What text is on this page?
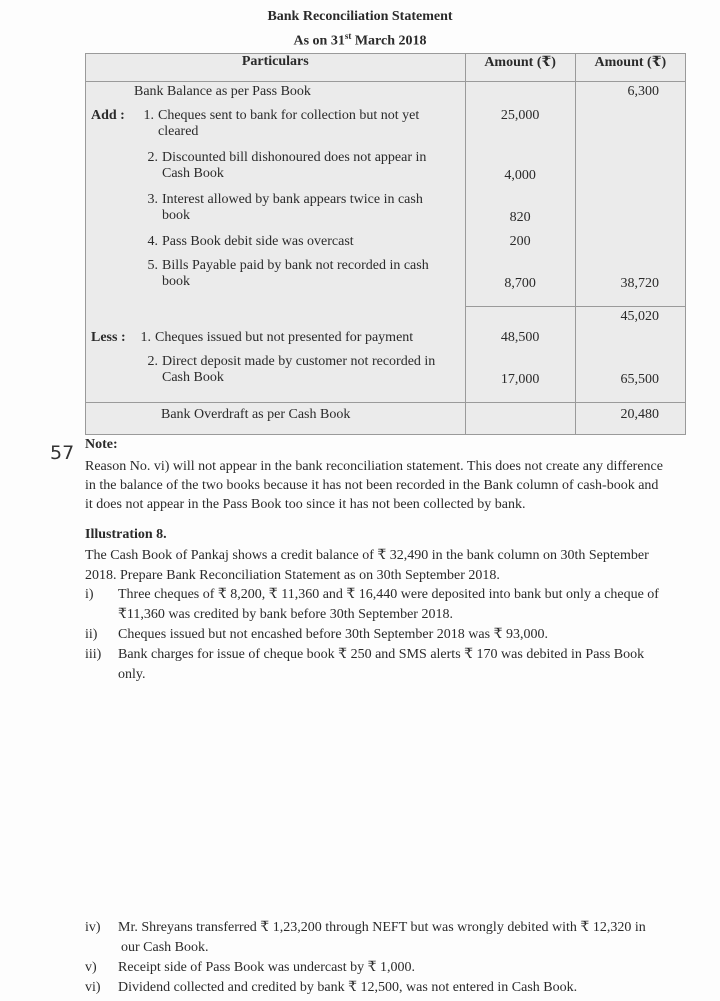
Bank Reconciliation Statement
As on 31st March 2018
Particulars	Amount (₹)	Amount (₹)
Bank Balance as per Pass Book		6,300
Add : 1. Cheques sent to bank for collection but not yet
cleared	25,000	
2. Discounted bill dishonoured does not appear in
Cash Book	4,000	
3. Interest allowed by bank appears twice in cash
book	820	
4. Pass Book debit side was overcast	200	
5. Bills Payable paid by bank not recorded in cash
book	8,700	38,720
		45,020
Less : 1. Cheques issued but not presented for payment	48,500	
2. Direct deposit made by customer not recorded in
Cash Book	17,000	65,500
Bank Overdraft as per Cash Book		20,480
57 Note:
Reason No. vi) will not appear in the bank reconciliation statement. This does not create any difference
in the balance of the two books because it has not been recorded in the Bank column of cash-book and
it does not appear in the Pass Book too since it has not been collected by bank.
Illustration 8.
The Cash Book of Pankaj shows a credit balance of ₹ 32,490 in the bank column on 30th September
2018. Prepare Bank Reconciliation Statement as on 30th September 2018.
i) Three cheques of ₹ 8,200, ₹ 11,360 and ₹ 16,440 were deposited into bank but only a cheque of
₹11,360 was credited by bank before 30th September 2018.
ii) Cheques issued but not encashed before 30th September 2018 was ₹ 93,000.
iii) Bank charges for issue of cheque book ₹ 250 and SMS alerts ₹ 170 was debited in Pass Book
only.
iv) Mr. Shreyans transferred ₹ 1,23,200 through NEFT but was wrongly debited with ₹ 12,320 in
our Cash Book.
v) Receipt side of Pass Book was undercast by ₹ 1,000.
vi) Dividend collected and credited by bank ₹ 12,500, was not entered in Cash Book.
